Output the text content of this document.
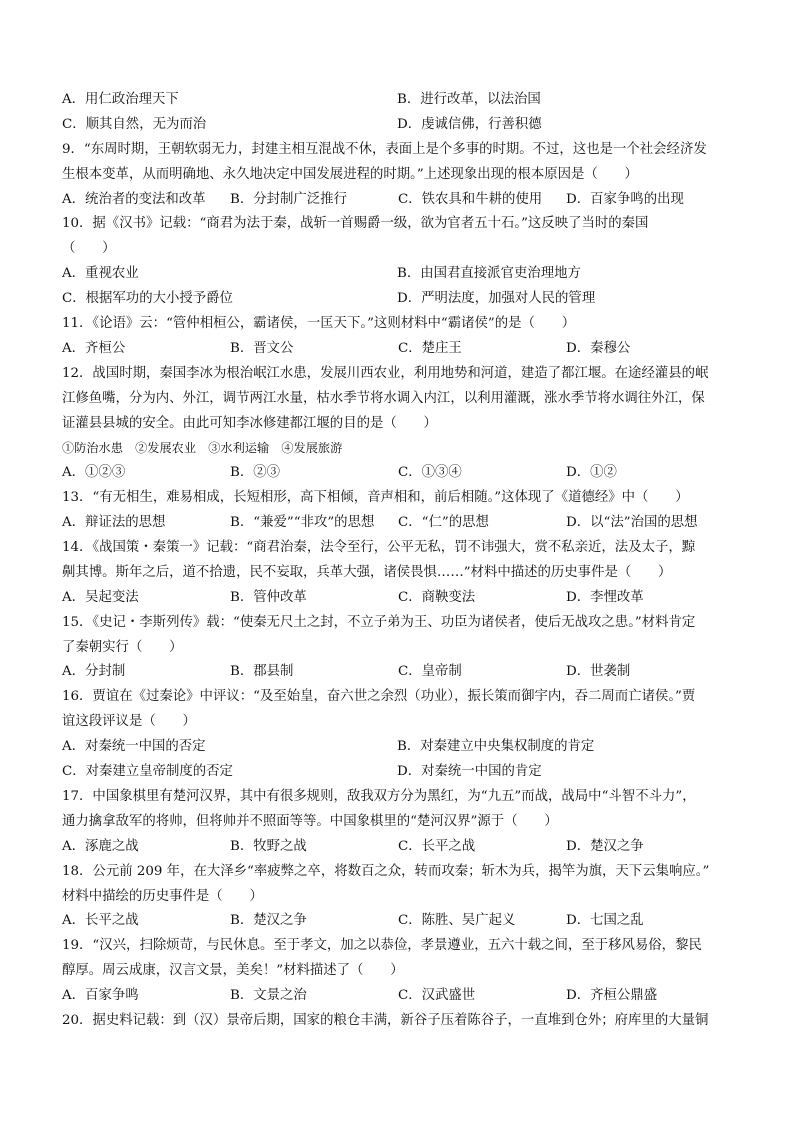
A．用仁政治理天下	B．进行改革，以法治国
C．顺其自然，无为而治	D．虔诚信佛，行善积德
9．“东周时期，王朝软弱无力，封建主相互混战不休，表面上是个多事的时期。不过，这也是一个社会经济发
生根本变革，从而明确地、永久地决定中国发展进程的时期。”上述现象出现的根本原因是（　　）
A．统治者的变法和改革	B．分封制广泛推行	C．铁农具和牛耕的使用	D．百家争鸣的出现
10．据《汉书》记载：“商君为法于秦，战斩一首赐爵一级，欲为官者五十石。”这反映了当时的秦国
（　　）
A．重视农业	B．由国君直接派官吏治理地方
C．根据军功的大小授予爵位	D．严明法度，加强对人民的管理
11．《论语》云：“管仲相桓公，霸诸侯，一匡天下。”这则材料中“霸诸侯”的是（　　）
A．齐桓公	B．晋文公	C．楚庄王	D．秦穆公
12．战国时期，秦国李冰为根治岷江水患，发展川西农业，利用地势和河道，建造了都江堰。在途经灌县的岷
江修鱼嘴，分为内、外江，调节两江水量，枯水季节将水调入内江，以利用灌溉，涨水季节将水调往外江，保
证灌县县城的安全。由此可知李冰修建都江堰的目的是（　　）
①防治水患　②发展农业　③水利运输　④发展旅游
A．①②③	B．②③	C．①③④	D．①②
13．“有无相生，难易相成，长短相形，高下相倾，音声相和，前后相随。”这体现了《道德经》中（　　）
A．辩证法的思想	B．“兼爱”“非攻”的思想	C．“仁”的思想	D．以“法”治国的思想
14．《战国策・秦策一》记载：“商君治秦，法令至行，公平无私，罚不讳强大，赏不私亲近，法及太子，黥
劓其博。斯年之后，道不拾遗，民不妄取，兵革大强，诸侯畏惧……”材料中描述的历史事件是（　　）
A．吴起变法	B．管仲改革	C．商鞅变法	D．李悝改革
15．《史记・李斯列传》载：“使秦无尺土之封，不立子弟为王、功臣为诸侯者，使后无战攻之患。”材料肯定
了秦朝实行（　　）
A．分封制	B．郡县制	C．皇帝制	D．世袭制
16．贾谊在《过秦论》中评议：“及至始皇，奋六世之余烈（功业），振长策而御宇内，吞二周而亡诸侯。”贾
谊这段评议是（　　）
A．对秦统一中国的否定	B．对秦建立中央集权制度的肯定
C．对秦建立皇帝制度的否定	D．对秦统一中国的肯定
17．中国象棋里有楚河汉界，其中有很多规则，敌我双方分为黑红，为“九五”而战，战局中“斗智不斗力”，
通力擒拿敌军的将帅，但将帅并不照面等等。中国象棋里的“楚河汉界”源于（　　）
A．涿鹿之战	B．牧野之战	C．长平之战	D．楚汉之争
18．公元前 209 年，在大泽乡“率疲弊之卒，将数百之众，转而攻秦；斩木为兵，揭竿为旗，天下云集响应。”
材料中描绘的历史事件是（　　）
A．长平之战	B．楚汉之争	C．陈胜、吴广起义	D．七国之乱
19．“汉兴，扫除烦苛，与民休息。至于孝文，加之以恭俭，孝景遵业，五六十载之间，至于移风易俗，黎民
醇厚。周云成康，汉言文景，美矣！”材料描述了（　　）
A．百家争鸣	B．文景之治	C．汉武盛世	D．齐桓公鼎盛
20．据史料记载：到（汉）景帝后期，国家的粮仓丰满，新谷子压着陈谷子，一直堆到仓外；府库里的大量铜
